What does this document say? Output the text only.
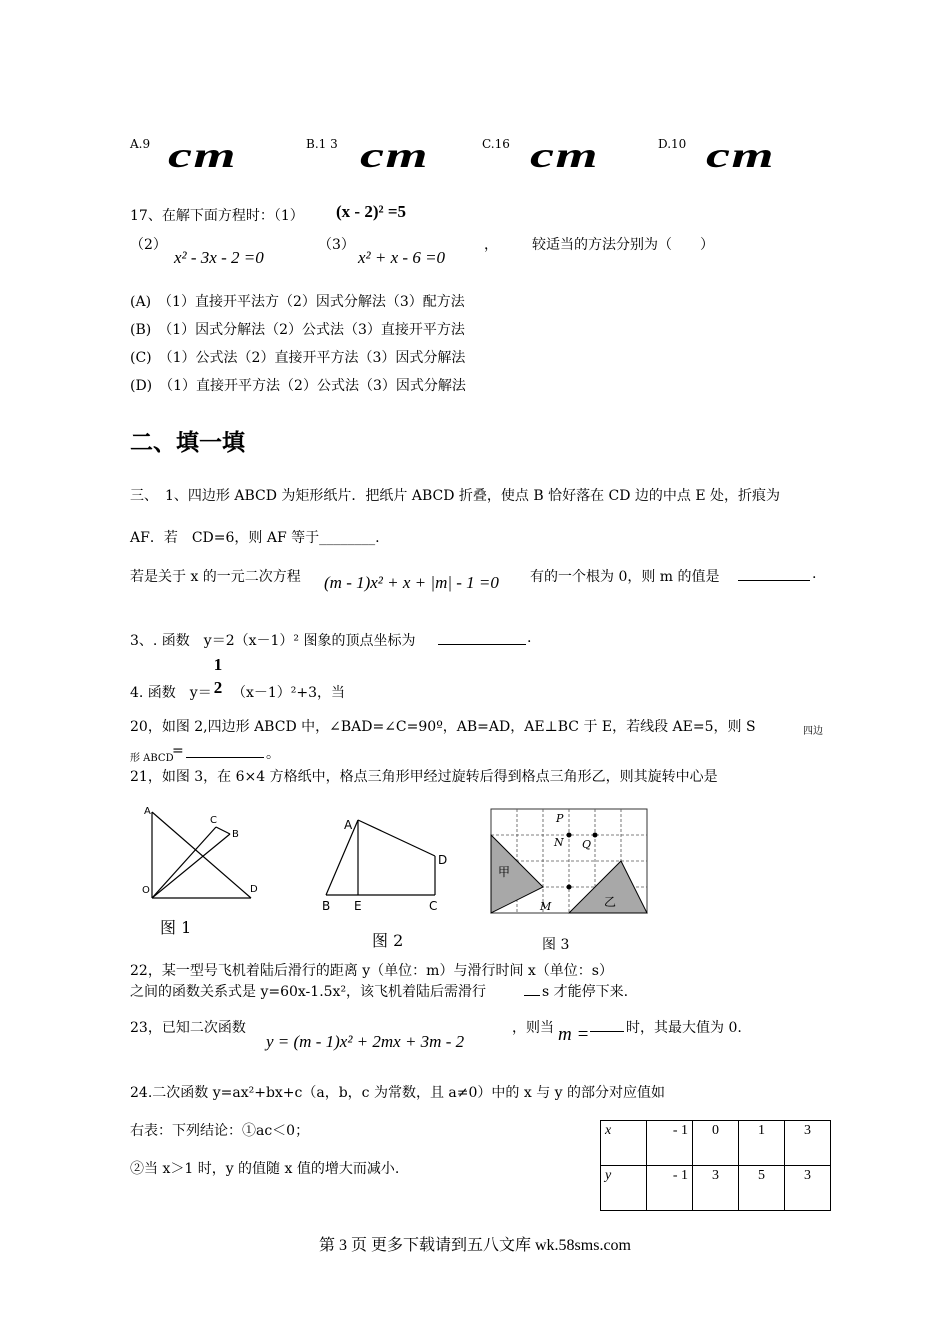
A.9 cm	B.1 3 cm	C.16 cm	D.10 cm
17、在解下面方程时：（1） (x - 2)² =5
（2）
x² - 3x - 2 =0
（3）
x² + x - 6 =0
， 较适当的方法分别为（　　）
(A)　（1）直接开平法方（2）因式分解法（3）配方法
(B)　（1）因式分解法（2）公式法（3）直接开平方法
(C)　（1）公式法（2）直接开平方法（3）因式分解法
(D)　（1）直接开平方法（2）公式法（3）因式分解法
二、填一填
三、　1、四边形 ABCD 为矩形纸片．把纸片 ABCD 折叠，使点 B 恰好落在 CD 边的中点 E 处，折痕为
AF．若　CD=6，则 AF 等于________.
若是关于 x 的一元二次方程 (m - 1)x² + x + |m| - 1 =0 有的一个根为 0，则 m 的值是	.
3、. 函数　y＝2（x－1）² 图象的顶点坐标为	.
4. 函数　y＝
1
2 （x－1）²+3，当
20，如图 2,四边形 ABCD 中，∠BAD=∠C=90º，AB=AD，AE⊥BC 于 E，若线段 AE=5，则 S	四边
形 ABCD
=	。
21，如图 3，在 6×4 方格纸中，格点三角形甲经过旋转后得到格点三角形乙，则其旋转中心是
A
C
B
O	D
图 1
A
D
B E	C
图 2
P
N Q
M
甲
乙
图 3
22，某一型号飞机着陆后滑行的距离 y（单位：m）与滑行时间 x（单位：s）
之间的函数关系式是 y=60x-1.5x²，该飞机着陆后需滑行	s 才能停下来.
23，已知二次函数
y = (m - 1)x² + 2mx + 3m - 2
，则当 m =	时，其最大值为 0.
24.二次函数 y=ax²+bx+c（a，b，c 为常数，且 a≠0）中的 x 与 y 的部分对应值如
右表：下列结论：①ac＜0；
②当 x＞1 时，y 的值随 x 值的增大而减小.
x	- 1	0	1	3
y	- 1	3	5	3
第 3 页 更多下载请到五八文库 wk.58sms.com
